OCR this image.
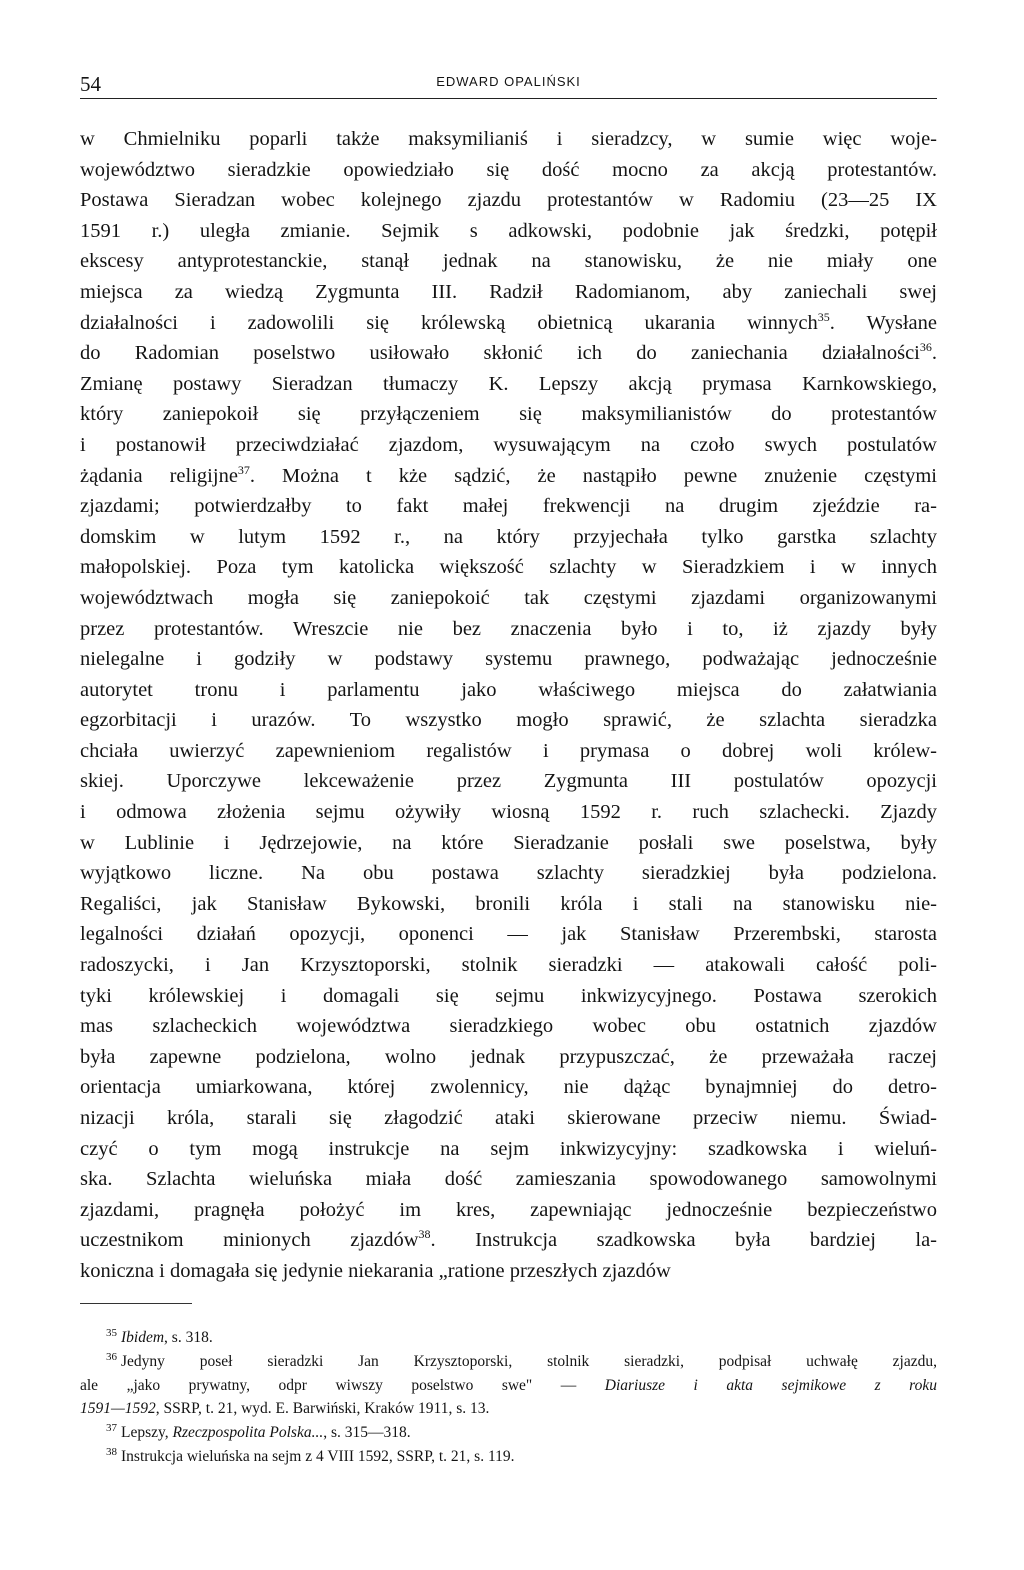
54	EDWARD OPALIŃSKI
w Chmielniku poparli także maksymilianiś i sieradzcy, w sumie więc woje-
województwo sieradzkie opowiedziało się dość mocno za akcją protestantów.
Postawa Sieradzan wobec kolejnego zjazdu protestantów w Radomiu (23—25 IX
1591 r.) uległa zmianie. Sejmik s adkowski, podobnie jak średzki, potępił
ekscesy antyprotestanckie, stanął jednak na stanowisku, że nie miały one
miejsca za wiedzą Zygmunta III. Radził Radomianom, aby zaniechali swej
działalności i zadowolili się królewską obietnicą ukarania winnych$^{35}$. Wysłane
do Radomian poselstwo usiłowało skłonić ich do zaniechania działalności$^{36}$.
Zmianę postawy Sieradzan tłumaczy K. Lepszy akcją prymasa Karnkowskiego,
który zaniepokoił się przyłączeniem się maksymilianistów do protestantów
i postanowił przeciwdziałać zjazdom, wysuwającym na czoło swych postulatów
żądania religijne$^{37}$. Można t kże sądzić, że nastąpiło pewne znużenie częstymi
zjazdami; potwierdzałby to fakt małej frekwencji na drugim zjeździe ra-
domskim w lutym 1592 r., na który przyjechała tylko garstka szlachty
małopolskiej. Poza tym katolicka większość szlachty w Sieradzkiem i w innych
województwach mogła się zaniepokoić tak częstymi zjazdami organizowanymi
przez protestantów. Wreszcie nie bez znaczenia było i to, iż zjazdy były
nielegalne i godziły w podstawy systemu prawnego, podważając jednocześnie
autorytet tronu i parlamentu jako właściwego miejsca do załatwiania
egzorbitacji i urazów. To wszystko mogło sprawić, że szlachta sieradzka
chciała uwierzyć zapewnieniom regalistów i prymasa o dobrej woli królew-
skiej. Uporczywe lekceważenie przez Zygmunta III postulatów opozycji
i odmowa złożenia sejmu ożywiły wiosną 1592 r. ruch szlachecki. Zjazdy
w Lublinie i Jędrzejowie, na które Sieradzanie posłali swe poselstwa, były
wyjątkowo liczne. Na obu postawa szlachty sieradzkiej była podzielona.
Regaliści, jak Stanisław Bykowski, bronili króla i stali na stanowisku nie-
legalności działań opozycji, oponenci — jak Stanisław Przerembski, starosta
radoszycki, i Jan Krzysztoporski, stolnik sieradzki — atakowali całość poli-
tyki królewskiej i domagali się sejmu inkwizycyjnego. Postawa szerokich
mas szlacheckich województwa sieradzkiego wobec obu ostatnich zjazdów
była zapewne podzielona, wolno jednak przypuszczać, że przeważała raczej
orientacja umiarkowana, której zwolennicy, nie dążąc bynajmniej do detro-
nizacji króla, starali się złagodzić ataki skierowane przeciw niemu. Świad-
czyć o tym mogą instrukcje na sejm inkwizycyjny: szadkowska i wieluń-
ska. Szlachta wieluńska miała dość zamieszania spowodowanego samowolnymi
zjazdami, pragnęła położyć im kres, zapewniając jednocześnie bezpieczeństwo
uczestnikom minionych zjazdów$^{38}$. Instrukcja szadkowska była bardziej la-
koniczna i domagała się jedynie niekarania „ratione przeszłych zjazdów
$^{35}$ Ibidem, s. 318.
$^{36}$ Jedyny poseł sieradzki Jan Krzysztoporski, stolnik sieradzki, podpisał uchwałę zjazdu,
ale „jako prywatny, odpr wiwszy poselstwo swe" — Diariusze i akta sejmikowe z roku
1591—1592, SSRP, t. 21, wyd. E. Barwiński, Kraków 1911, s. 13.
$^{37}$ Lepszy, Rzeczpospolita Polska..., s. 315—318.
$^{38}$ Instrukcja wieluńska na sejm z 4 VIII 1592, SSRP, t. 21, s. 119.
